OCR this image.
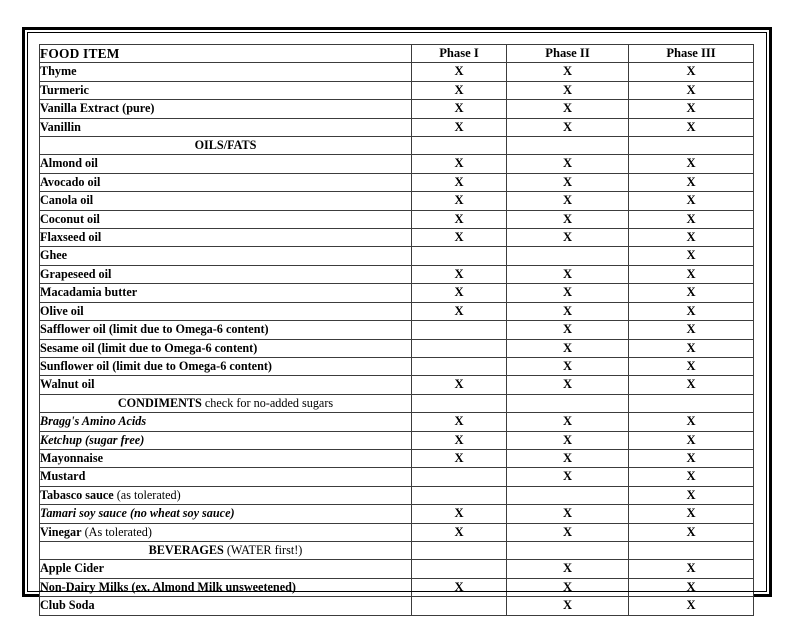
FOOD ITEM	Phase I	Phase II	Phase III
Thyme	X	X	X
Turmeric	X	X	X
Vanilla Extract (pure)	X	X	X
Vanillin	X	X	X
OILS/FATS			
Almond oil	X	X	X
Avocado oil	X	X	X
Canola oil	X	X	X
Coconut oil	X	X	X
Flaxseed oil	X	X	X
Ghee			X
Grapeseed oil	X	X	X
Macadamia butter	X	X	X
Olive oil	X	X	X
Safflower oil (limit due to Omega-6 content)		X	X
Sesame oil (limit due to Omega-6 content)		X	X
Sunflower oil (limit due to Omega-6 content)		X	X
Walnut oil	X	X	X
CONDIMENTS check for no-added sugars			
Bragg's Amino Acids	X	X	X
Ketchup (sugar free)	X	X	X
Mayonnaise	X	X	X
Mustard		X	X
Tabasco sauce (as tolerated)			X
Tamari soy sauce (no wheat soy sauce)	X	X	X
Vinegar (As tolerated)	X	X	X
BEVERAGES (WATER first!)			
Apple Cider		X	X
Non-Dairy Milks (ex. Almond Milk unsweetened)	X	X	X
Club Soda		X	X
